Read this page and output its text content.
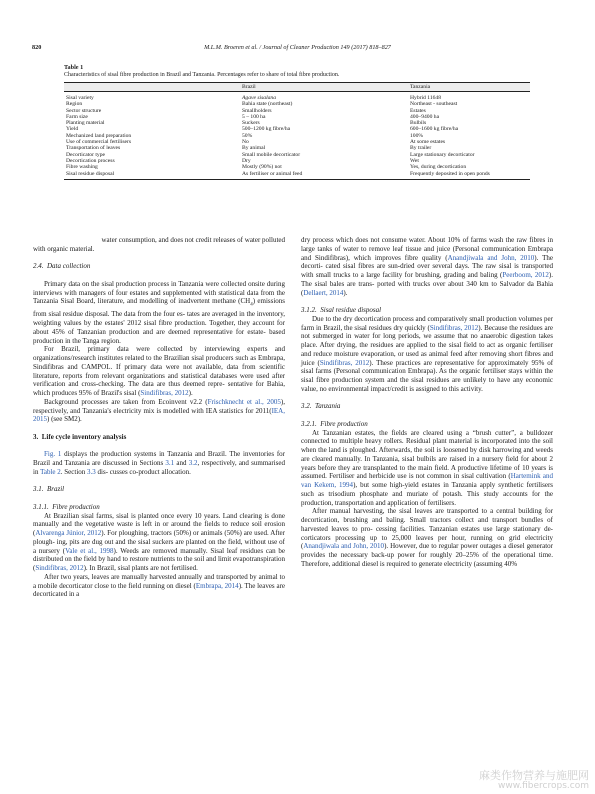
820	M.L.M. Broeren et al. / Journal of Cleaner Production 149 (2017) 818–827
Table 1
Characteristics of sisal fibre production in Brazil and Tanzania. Percentages refer to share of total fibre production.
	Brazil	Tanzania
Sisal variety	Agave sisalana	Hybrid 11648
Region	Bahia state (northeast)	Northeast - southeast
Sector structure	Smallholders	Estates
Farm size	5 – 100 ha	400–9400 ha
Planting material	Suckers	Bulbils
Yield	500–1200 kg fibre/ha	600–1600 kg fibre/ha
Mechanized land preparation	50%	100%
Use of commercial fertilisers	No	At some estates
Transportation of leaves	By animal	By trailer
Decorticator type	Small mobile decorticator	Large stationary decorticator
Decortication process	Dry	Wet
Fibre washing	Mostly (90%) not	Yes, during decortication
Sisal residue disposal	As fertiliser or animal feed	Frequently deposited in open ponds

water consumption, and does not credit releases of water polluted

with organic material.

2.4.  Data collection

Primary data on the sisal production process in Tanzania were collected onsite during interviews with managers of four estates and supplemented with statistical data from the Tanzania Sisal Board, literature, and modelling of inadvertent methane $(CH_4)$ emissions from sisal residue disposal. The data from the four es- tates are averaged in the inventory, weighting values by the estates' 2012 sisal fibre production. Together, they account for about 45% of Tanzanian production and are deemed representative for estate- based production in the Tanga region.

For Brazil, primary data were collected by interviewing experts and organizations/research institutes related to the Brazilian sisal producers such as Embrapa, Sindifibras and CAMPOL. If primary data were not available, data from scientific literature, reports from relevant organizations and statistical databases were used after verification and cross-checking. The data are thus deemed repre- sentative for Bahia, which produces 95% of Brazil's sisal (Sindifibras, 2012).

Background processes are taken from Ecoinvent v2.2 (Frischknecht et al., 2005), respectively, and Tanzania's electricity mix is modelled with IEA statistics for 2011(IEA, 2015) (see SM2).

3.  Life cycle inventory analysis

Fig. 1 displays the production systems in Tanzania and Brazil. The inventories for Brazil and Tanzania are discussed in Sections 3.1 and 3.2, respectively, and summarised in Table 2. Section 3.3 dis- cusses co-product allocation.

3.1.  Brazil

3.1.1.  Fibre production

At Brazilian sisal farms, sisal is planted once every 10 years. Land clearing is done manually and the vegetative waste is left in or around the fields to reduce soil erosion (Alvarenga Júnior, 2012). For ploughing, tractors (50%) or animals (50%) are used. After plough- ing, pits are dug out and the sisal suckers are planted on the field, without use of a nursery (Vale et al., 1998). Weeds are removed manually. Sisal leaf residues can be distributed on the field by hand to restore nutrients to the soil and limit evapotranspiration (Sindifibras, 2012). In Brazil, sisal plants are not fertilised.

After two years, leaves are manually harvested annually and transported by animal to a mobile decorticator close to the field running on diesel (Embrapa, 2014). The leaves are decorticated in a

dry process which does not consume water. About 10% of farms wash the raw fibres in large tanks of water to remove leaf tissue and juice (Personal communication Embrapa and Sindifibras), which improves fibre quality (Anandjiwala and John, 2010). The decorti- cated sisal fibres are sun-dried over several days. The raw sisal is transported with small trucks to a large facility for brushing, grading and baling (Peerboom, 2012). The sisal bales are trans- ported with trucks over about 340 km to Salvador da Bahia (Dellaert, 2014).

3.1.2.  Sisal residue disposal

Due to the dry decortication process and comparatively small production volumes per farm in Brazil, the sisal residues dry quickly (Sindifibras, 2012). Because the residues are not submerged in water for long periods, we assume that no anaerobic digestion takes place. After drying, the residues are applied to the sisal field to act as organic fertiliser and reduce moisture evaporation, or used as animal feed after removing short fibres and juice (Sindifibras, 2012). These practices are representative for approximately 95% of sisal farms (Personal communication Embrapa). As the organic fertiliser stays within the sisal fibre production system and the sisal residues are unlikely to have any economic value, no environmental impact/credit is assigned to this activity.

3.2.  Tanzania

3.2.1.  Fibre production

At Tanzanian estates, the fields are cleared using a “brush cutter”, a bulldozer connected to multiple heavy rollers. Residual plant material is incorporated into the soil when the land is ploughed. Afterwards, the soil is loosened by disk harrowing and weeds are cleared manually. In Tanzania, sisal bulbils are raised in a nursery field for about 2 years before they are transplanted to the main field. A productive lifetime of 10 years is assumed. Fertiliser and herbicide use is not common in sisal cultivation (Hartemink and van Kekem, 1994), but some high-yield estates in Tanzania apply synthetic fertilisers such as trisodium phosphate and muriate of potash. This study accounts for the production, transportation and application of fertilisers.

After manual harvesting, the sisal leaves are transported to a central building for decortication, brushing and baling. Small tractors collect and transport bundles of harvested leaves to pro- cessing facilities. Tanzanian estates use large stationary de- corticators processing up to 25,000 leaves per hour, running on grid electricity (Anandjiwala and John, 2010). However, due to regular power outages a diesel generator provides the necessary back-up power for roughly 20–25% of the operational time. Therefore, additional diesel is required to generate electricity (assuming 40%

麻类作物营养与施肥网
www.fibercrops.com
